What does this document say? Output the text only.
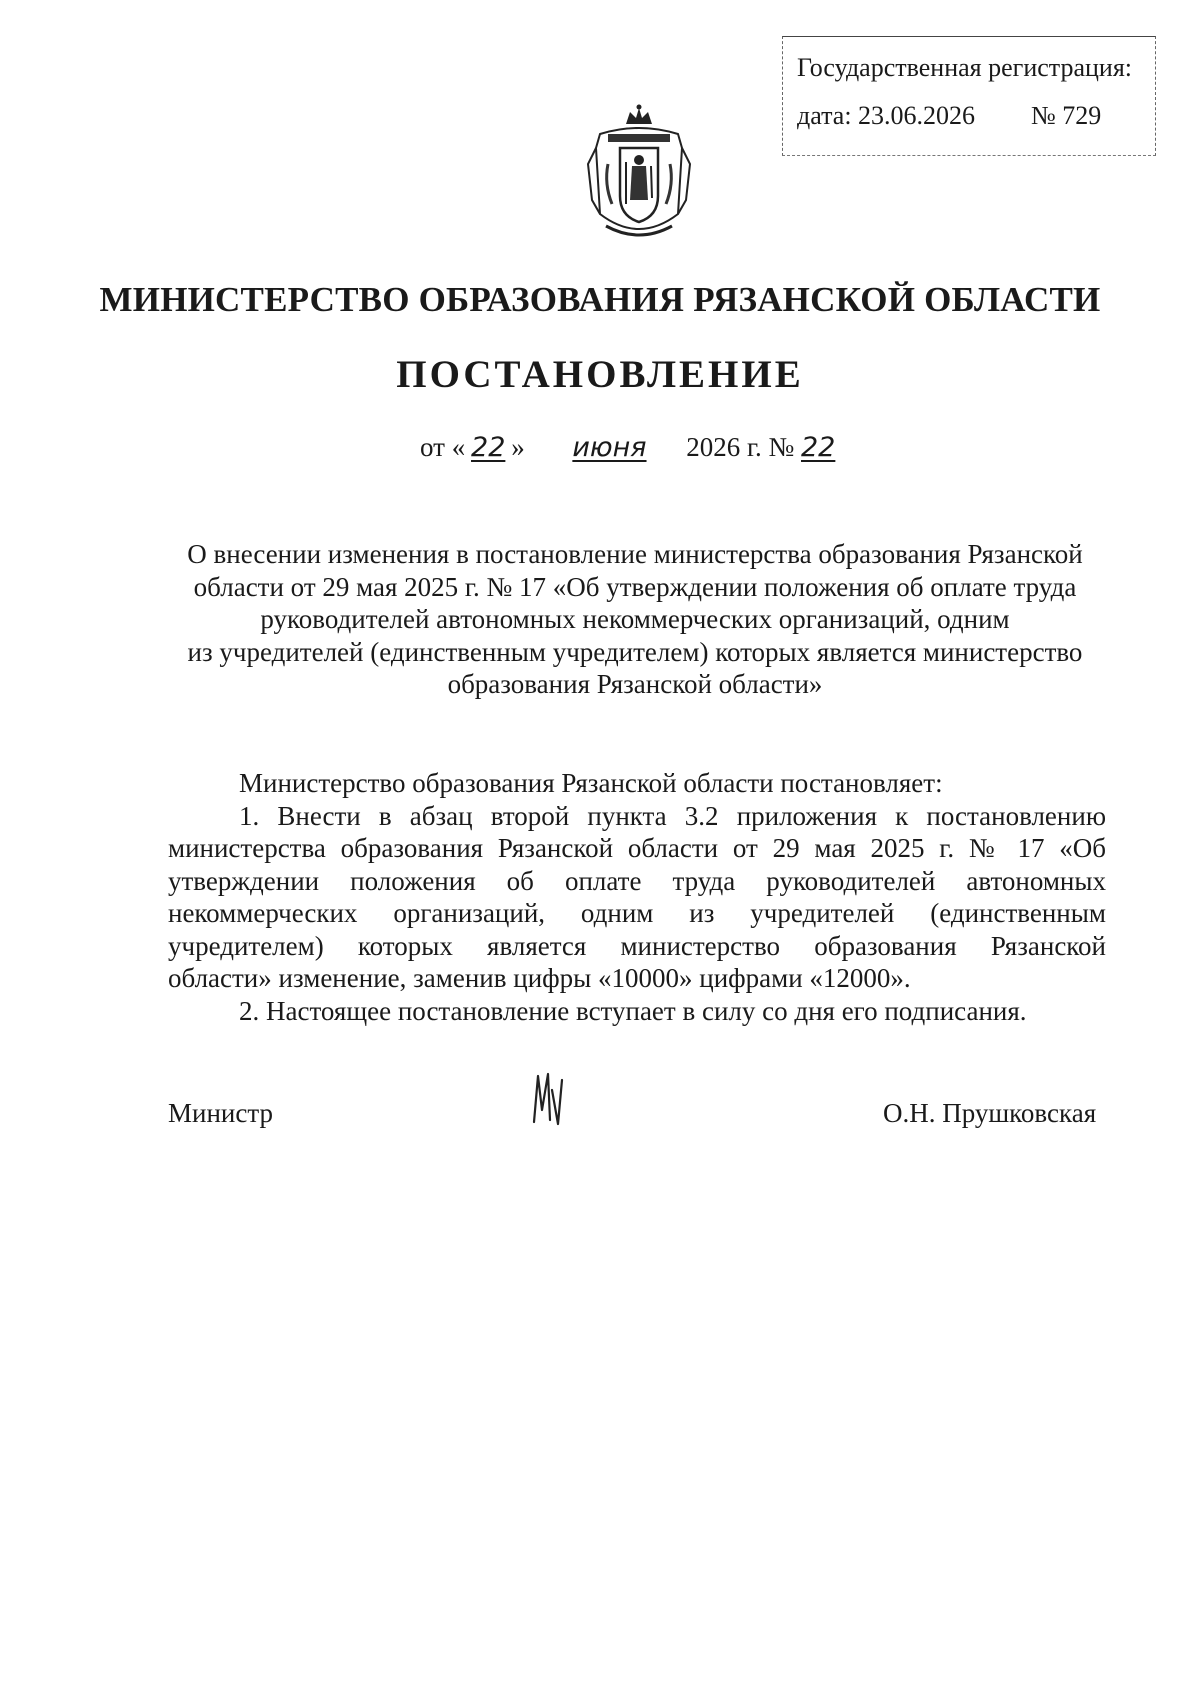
Государственная регистрация:
дата: 23.06.2026 № 729
МИНИСТЕРСТВО ОБРАЗОВАНИЯ РЯЗАНСКОЙ ОБЛАСТИ
ПОСТАНОВЛЕНИЕ
от « 22 » июня 2026 г. № 22
О внесении изменения в постановление министерства образования Рязанской
области от 29 мая 2025 г. № 17 «Об утверждении положения об оплате труда
руководителей автономных некоммерческих организаций, одним
из учредителей (единственным учредителем) которых является министерство
образования Рязанской области»
Министерство образования Рязанской области постановляет:
1. Внести в абзац второй пункта 3.2 приложения к постановлению
министерства образования Рязанской области от 29 мая 2025 г. № 17 «Об
утверждении положения об оплате труда руководителей автономных
некоммерческих организаций, одним из учредителей (единственным
учредителем) которых является министерство образования Рязанской
области» изменение, заменив цифры «10000» цифрами «12000».
2. Настоящее постановление вступает в силу со дня его подписания.
Министр	О.Н. Прушковская
